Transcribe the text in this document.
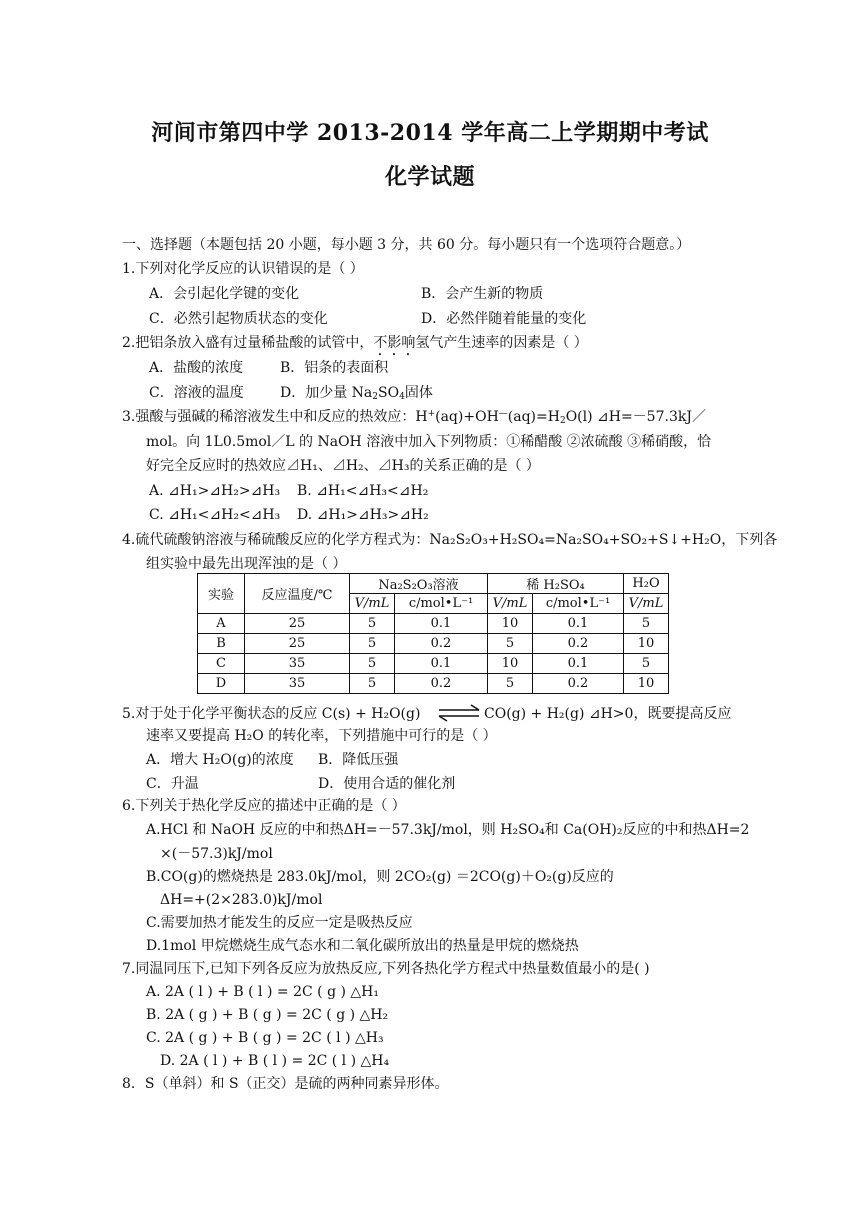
河间市第四中学 2013-2014 学年高二上学期期中考试
化学试题
一、选择题（本题包括 20 小题，每小题 3 分，共 60 分。每小题只有一个选项符合题意。）
1.下列对化学反应的认识错误的是（ ）
A．会引起化学键的变化	B．会产生新的物质
C．必然引起物质状态的变化	D．必然伴随着能量的变化
2.把铝条放入盛有过量稀盐酸的试管中，不影响氢气产生速率的因素是（ ）
A．盐酸的浓度	B．铝条的表面积
C．溶液的温度	D．加少量 $Na_2SO_4$固体
3.强酸与强碱的稀溶液发生中和反应的热效应：$H^+(aq)+OH^—(aq)=H_2O(l)$ ⊿H=－57.3kJ／
mol。向 1L0.5mol／L 的 NaOH 溶液中加入下列物质：①稀醋酸 ②浓硫酸 ③稀硝酸，恰
好完全反应时的热效应⊿H₁、⊿H₂、⊿H₃的关系正确的是（ ）
A. ⊿H₁>⊿H₂>⊿H₃ B. ⊿H₁<⊿H₃<⊿H₂
C. ⊿H₁<⊿H₂<⊿H₃ D. ⊿H₁>⊿H₃>⊿H₂
4.硫代硫酸钠溶液与稀硫酸反应的化学方程式为：Na₂S₂O₃+H₂SO₄=Na₂SO₄+SO₂+S↓+H₂O，下列各
组实验中最先出现浑浊的是（ ）
实验	反应温度/℃	Na₂S₂O₃溶液		稀 H₂SO₄		H₂O
		V/mL	c/mol•L⁻¹	V/mL	c/mol•L⁻¹	V/mL
A	25	5	0.1	10	0.1	5
B	25	5	0.2	5	0.2	10
C	35	5	0.1	10	0.1	5
D	35	5	0.2	5	0.2	10
5.对于处于化学平衡状态的反应 C(s) + H₂O(g) ⇌ CO(g) + H₂(g) ⊿H>0，既要提高反应
速率又要提高 H₂O 的转化率，下列措施中可行的是（ ）
A．增大 H₂O(g)的浓度 B．降低压强
C．升温	D．使用合适的催化剂
6.下列关于热化学反应的描述中正确的是（ ）
A.HCl 和 NaOH 反应的中和热ΔH=－57.3kJ/mol，则 H₂SO₄和 Ca(OH)₂反应的中和热ΔH=2
×(－57.3)kJ/mol
B.CO(g)的燃烧热是 283.0kJ/mol，则 2CO₂(g) ＝2CO(g)＋O₂(g)反应的
ΔH=+(2×283.0)kJ/mol
C.需要加热才能发生的反应一定是吸热反应
D.1mol 甲烷燃烧生成气态水和二氧化碳所放出的热量是甲烷的燃烧热
7.同温同压下,已知下列各反应为放热反应,下列各热化学方程式中热量数值最小的是( )
A. 2A ( l ) + B ( l ) = 2C ( g ) △H₁
B. 2A ( g ) + B ( g ) = 2C ( g ) △H₂
C. 2A ( g ) + B ( g ) = 2C ( l ) △H₃
D. 2A ( l ) + B ( l ) = 2C ( l ) △H₄
8．S（单斜）和 S（正交）是硫的两种同素异形体。
